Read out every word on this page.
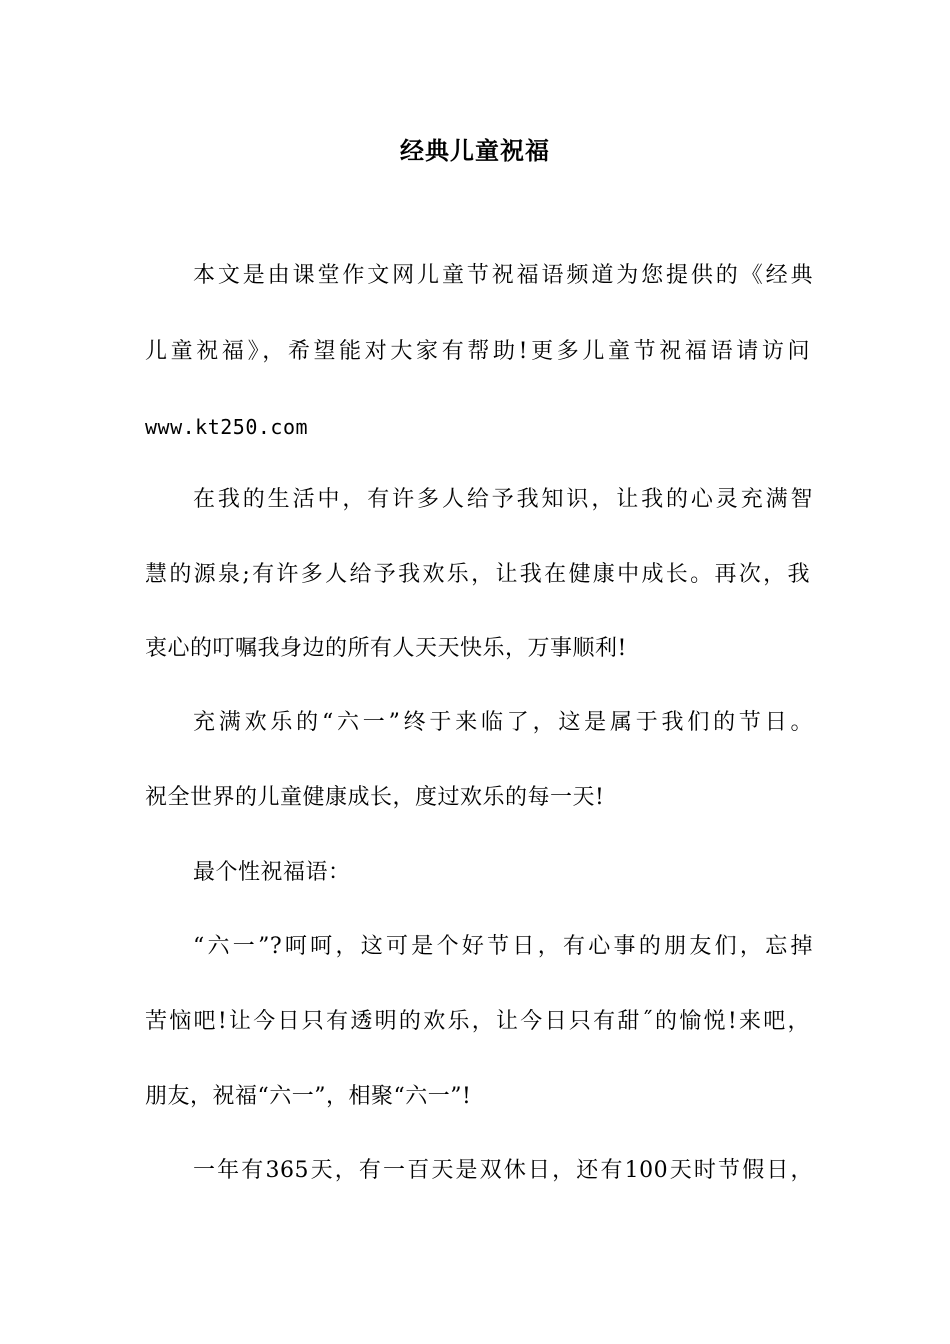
经典儿童祝福
本文是由课堂作文网儿童节祝福语频道为您提供的《经典
儿童祝福》，希望能对大家有帮助!更多儿童节祝福语请访问
www.kt250.com
在我的生活中，有许多人给予我知识，让我的心灵充满智
慧的源泉;有许多人给予我欢乐，让我在健康中成长。再次，我
衷心的叮嘱我身边的所有人天天快乐，万事顺利!
充满欢乐的“六一”终于来临了，这是属于我们的节日。
祝全世界的儿童健康成长，度过欢乐的每一天!
最个性祝福语：
“六一”?呵呵，这可是个好节日，有心事的朋友们，忘掉
苦恼吧!让今日只有透明的欢乐，让今日只有甜˝的愉悦!来吧，
朋友，祝福“六一”，相聚“六一”!
一年有365天，有一百天是双休日，还有100天时节假日，
